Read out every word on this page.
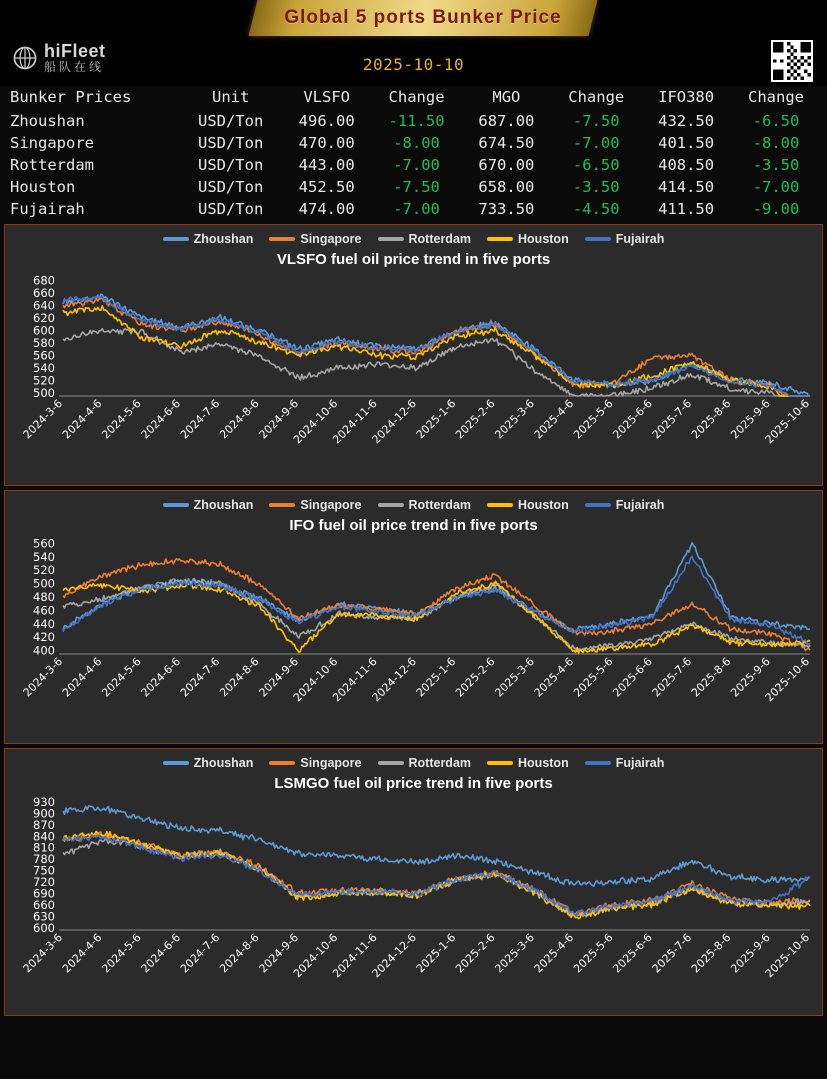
Global 5 ports Bunker Price
hiFleet
船队在线	2025-10-10
Bunker Prices	Unit	VLSFO	Change	MGO	Change	IFO380	Change
Zhoushan	USD/Ton	496.00	-11.50	687.00	-7.50	432.50	-6.50
Singapore	USD/Ton	470.00	-8.00	674.50	-7.00	401.50	-8.00
Rotterdam	USD/Ton	443.00	-7.00	670.00	-6.50	408.50	-3.50
Houston	USD/Ton	452.50	-7.50	658.00	-3.50	414.50	-7.00
Fujairah	USD/Ton	474.00	-7.00	733.50	-4.50	411.50	-9.00
Zhoushan	Singapore	Rotterdam	Houston	Fujairah
VLSFO fuel oil price trend in five ports
500
520
540
560
580
600
620
640
660
680
2024-3-6
2024-4-6
2024-5-6
2024-6-6
2024-7-6
2024-8-6
2024-9-6
2024-10-6
2024-11-6
2024-12-6
2025-1-6
2025-2-6
2025-3-6
2025-4-6
2025-5-6
2025-6-6
2025-7-6
2025-8-6
2025-9-6
2025-10-6
Zhoushan	Singapore	Rotterdam	Houston	Fujairah
IFO fuel oil price trend in five ports
400
420
440
460
480
500
520
540
560
2024-3-6
2024-4-6
2024-5-6
2024-6-6
2024-7-6
2024-8-6
2024-9-6
2024-10-6
2024-11-6
2024-12-6
2025-1-6
2025-2-6
2025-3-6
2025-4-6
2025-5-6
2025-6-6
2025-7-6
2025-8-6
2025-9-6
2025-10-6
Zhoushan	Singapore	Rotterdam	Houston	Fujairah
LSMGO fuel oil price trend in five ports
600
630
660
690
720
750
780
810
840
870
900
930
2024-3-6
2024-4-6
2024-5-6
2024-6-6
2024-7-6
2024-8-6
2024-9-6
2024-10-6
2024-11-6
2024-12-6
2025-1-6
2025-2-6
2025-3-6
2025-4-6
2025-5-6
2025-6-6
2025-7-6
2025-8-6
2025-9-6
2025-10-6
